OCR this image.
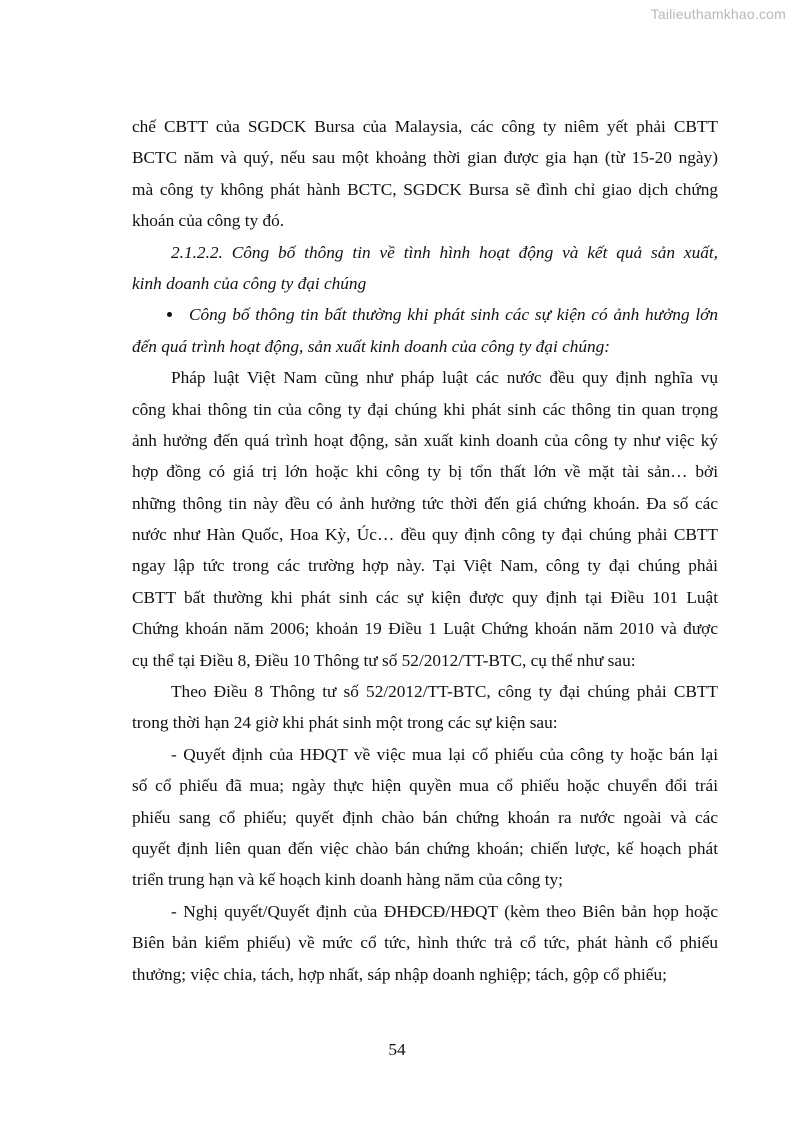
Tailieuthamkhao.com
chế CBTT của SGDCK Bursa của Malaysia, các công ty niêm yết phải CBTT
BCTC năm và quý, nếu sau một khoảng thời gian được gia hạn (từ 15-20 ngày)
mà công ty không phát hành BCTC, SGDCK Bursa sẽ đình chỉ giao dịch chứng
khoán của công ty đó.
2.1.2.2. Công bố thông tin về tình hình hoạt động và kết quả sản xuất,
kinh doanh của công ty đại chúng
Công bố thông tin bất thường khi phát sinh các sự kiện có ảnh hưởng lớn
đến quá trình hoạt động, sản xuất kinh doanh của công ty đại chúng:
Pháp luật Việt Nam cũng như pháp luật các nước đều quy định nghĩa vụ
công khai thông tin của công ty đại chúng khi phát sinh các thông tin quan trọng
ảnh hưởng đến quá trình hoạt động, sản xuất kinh doanh của công ty như việc ký
hợp đồng có giá trị lớn hoặc khi công ty bị tổn thất lớn về mặt tài sản… bởi
những thông tin này đều có ảnh hưởng tức thời đến giá chứng khoán. Đa số các
nước như Hàn Quốc, Hoa Kỳ, Úc… đều quy định công ty đại chúng phải CBTT
ngay lập tức trong các trường hợp này. Tại Việt Nam, công ty đại chúng phải
CBTT bất thường khi phát sinh các sự kiện được quy định tại Điều 101 Luật
Chứng khoán năm 2006; khoản 19 Điều 1 Luật Chứng khoán năm 2010 và được
cụ thể tại Điều 8, Điều 10 Thông tư số 52/2012/TT-BTC, cụ thể như sau:
Theo Điều 8 Thông tư số 52/2012/TT-BTC, công ty đại chúng phải CBTT
trong thời hạn 24 giờ khi phát sinh một trong các sự kiện sau:
- Quyết định của HĐQT về việc mua lại cổ phiếu của công ty hoặc bán lại
số cổ phiếu đã mua; ngày thực hiện quyền mua cổ phiếu hoặc chuyển đổi trái
phiếu sang cổ phiếu; quyết định chào bán chứng khoán ra nước ngoài và các
quyết định liên quan đến việc chào bán chứng khoán; chiến lược, kế hoạch phát
triển trung hạn và kế hoạch kinh doanh hàng năm của công ty;
- Nghị quyết/Quyết định của ĐHĐCĐ/HĐQT (kèm theo Biên bản họp hoặc
Biên bản kiểm phiếu) về mức cổ tức, hình thức trả cổ tức, phát hành cổ phiếu
thưởng; việc chia, tách, hợp nhất, sáp nhập doanh nghiệp; tách, gộp cổ phiếu;
54
